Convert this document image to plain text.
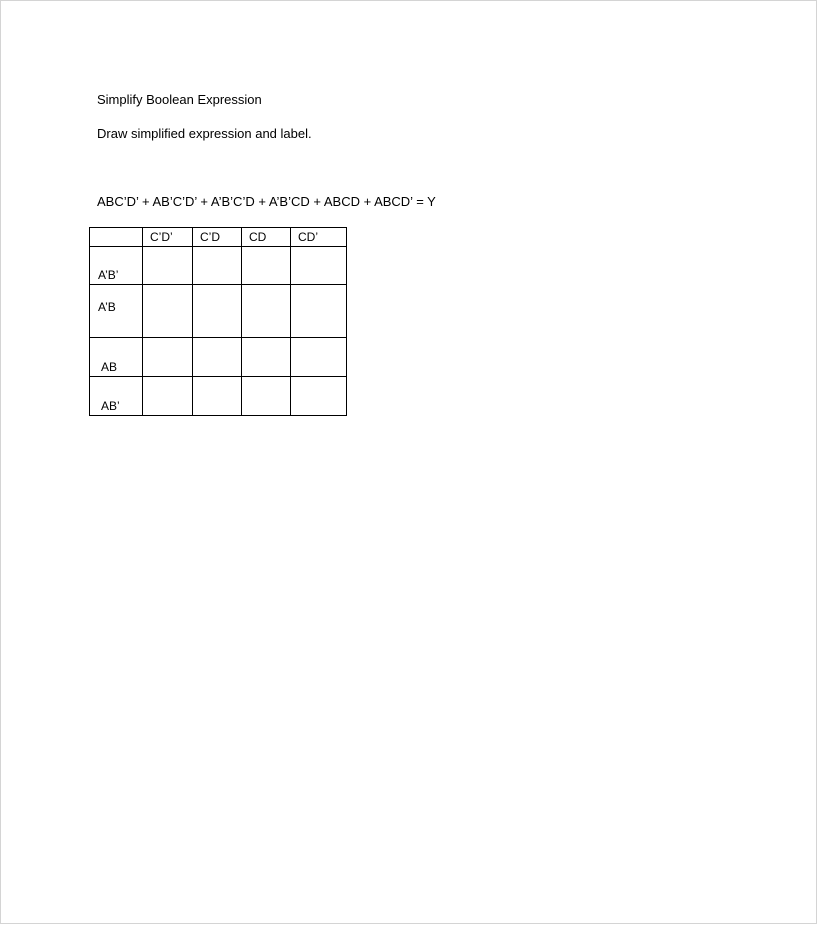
Simplify Boolean Expression
Draw simplified expression and label.
ABC’D’ + AB’C’D’ + A’B’C’D + A’B’CD + ABCD + ABCD’ = Y
	C’D’	C’D	CD	CD’
A’B’				
A’B				
AB				
AB’				
